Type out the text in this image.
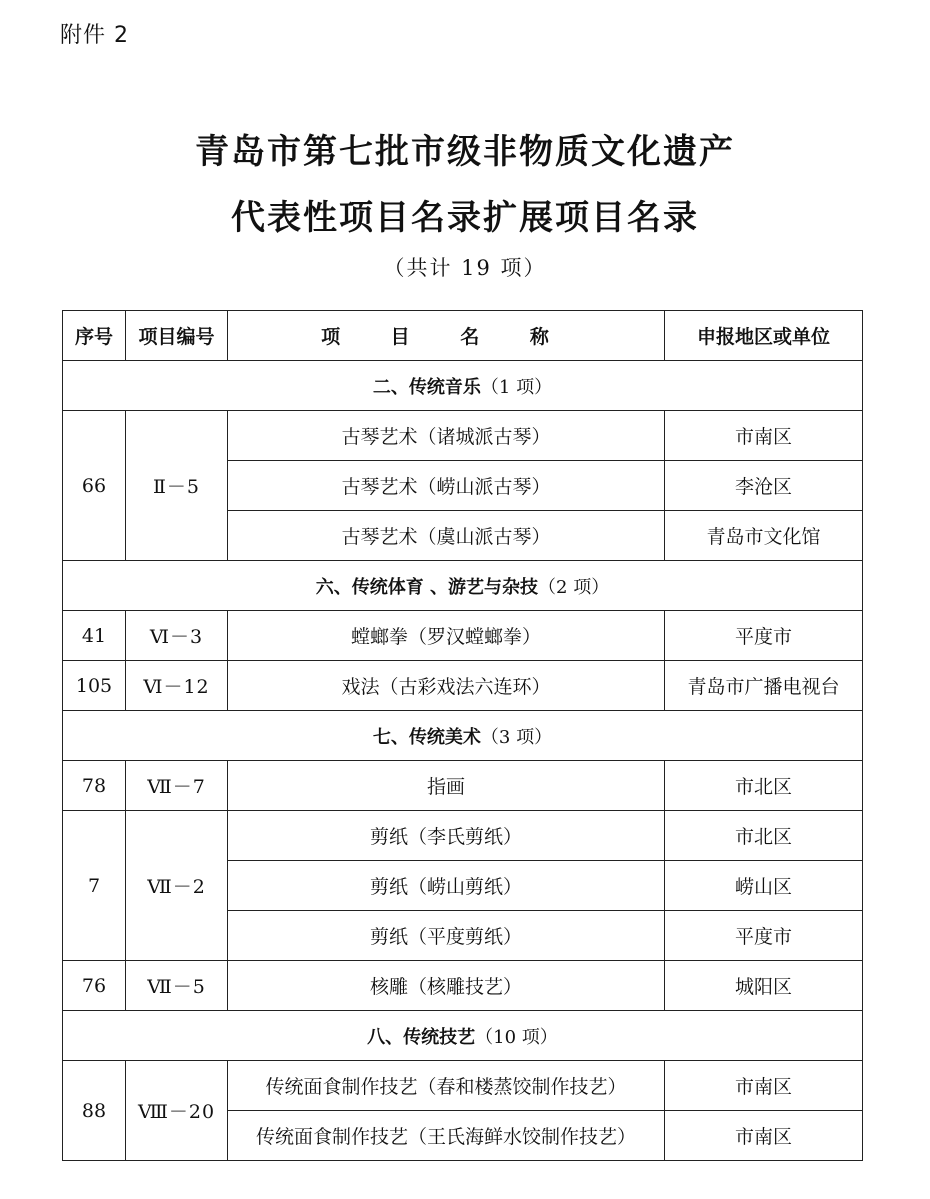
附件 2
青岛市第七批市级非物质文化遗产
代表性项目名录扩展项目名录
（共计 19 项）
序号	项目编号	项 目 名 称	申报地区或单位
二、传统音乐（1 项）			
66	Ⅱ－5	古琴艺术（诸城派古琴）	市南区
		古琴艺术（崂山派古琴）	李沧区
		古琴艺术（虞山派古琴）	青岛市文化馆
六、传统体育 、游艺与杂技（2 项）			
41	Ⅵ－3	螳螂拳（罗汉螳螂拳）	平度市
105	Ⅵ－12	戏法（古彩戏法六连环）	青岛市广播电视台
七、传统美术（3 项）			
78	Ⅶ－7	指画	市北区
7	Ⅶ－2	剪纸（李氏剪纸）	市北区
		剪纸（崂山剪纸）	崂山区
		剪纸（平度剪纸）	平度市
76	Ⅶ－5	核雕（核雕技艺）	城阳区
八、传统技艺（10 项）			
88	Ⅷ－20	传统面食制作技艺（春和楼蒸饺制作技艺）	市南区
		传统面食制作技艺（王氏海鲜水饺制作技艺）	市南区
